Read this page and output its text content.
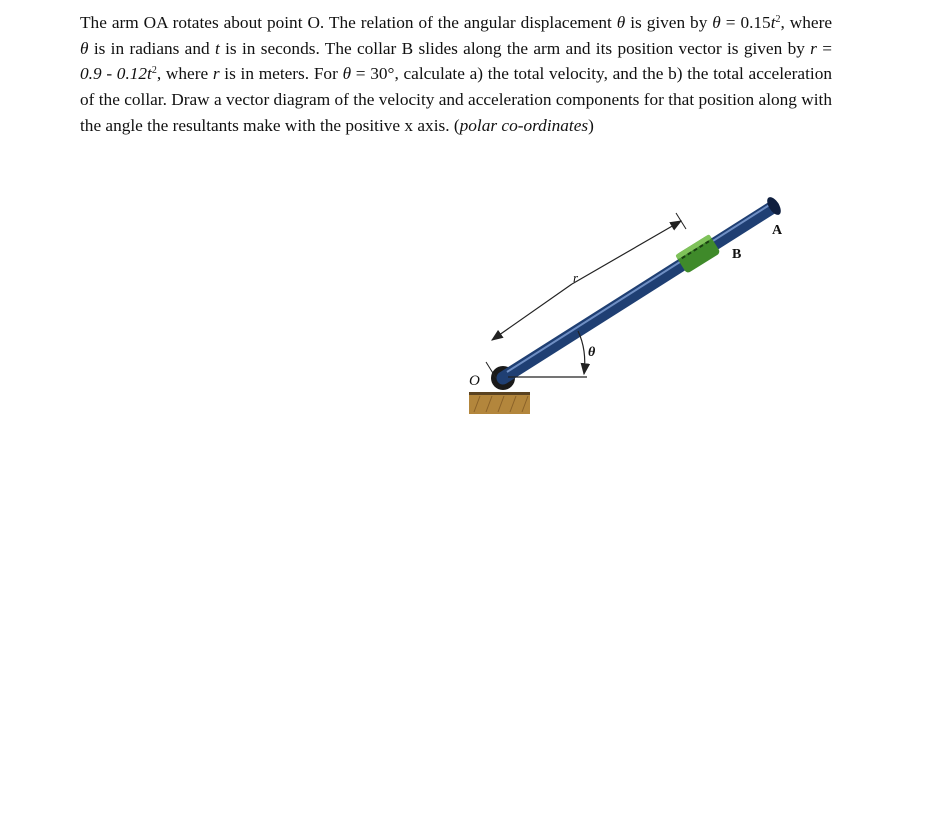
The arm OA rotates about point O. The relation of the angular displacement θ is given by $\theta = 0.15t^2$, where θ is in radians and t is in seconds. The collar B slides along the arm and its position vector is given by $r = 0.9 - 0.12t^2$, where r is in meters. For θ = 30°, calculate a) the total velocity, and the b) the total acceleration of the collar. Draw a vector diagram of the velocity and acceleration components for that position along with the angle the resultants make with the positive x axis. (polar co-ordinates)

O
A
B
r
θ
